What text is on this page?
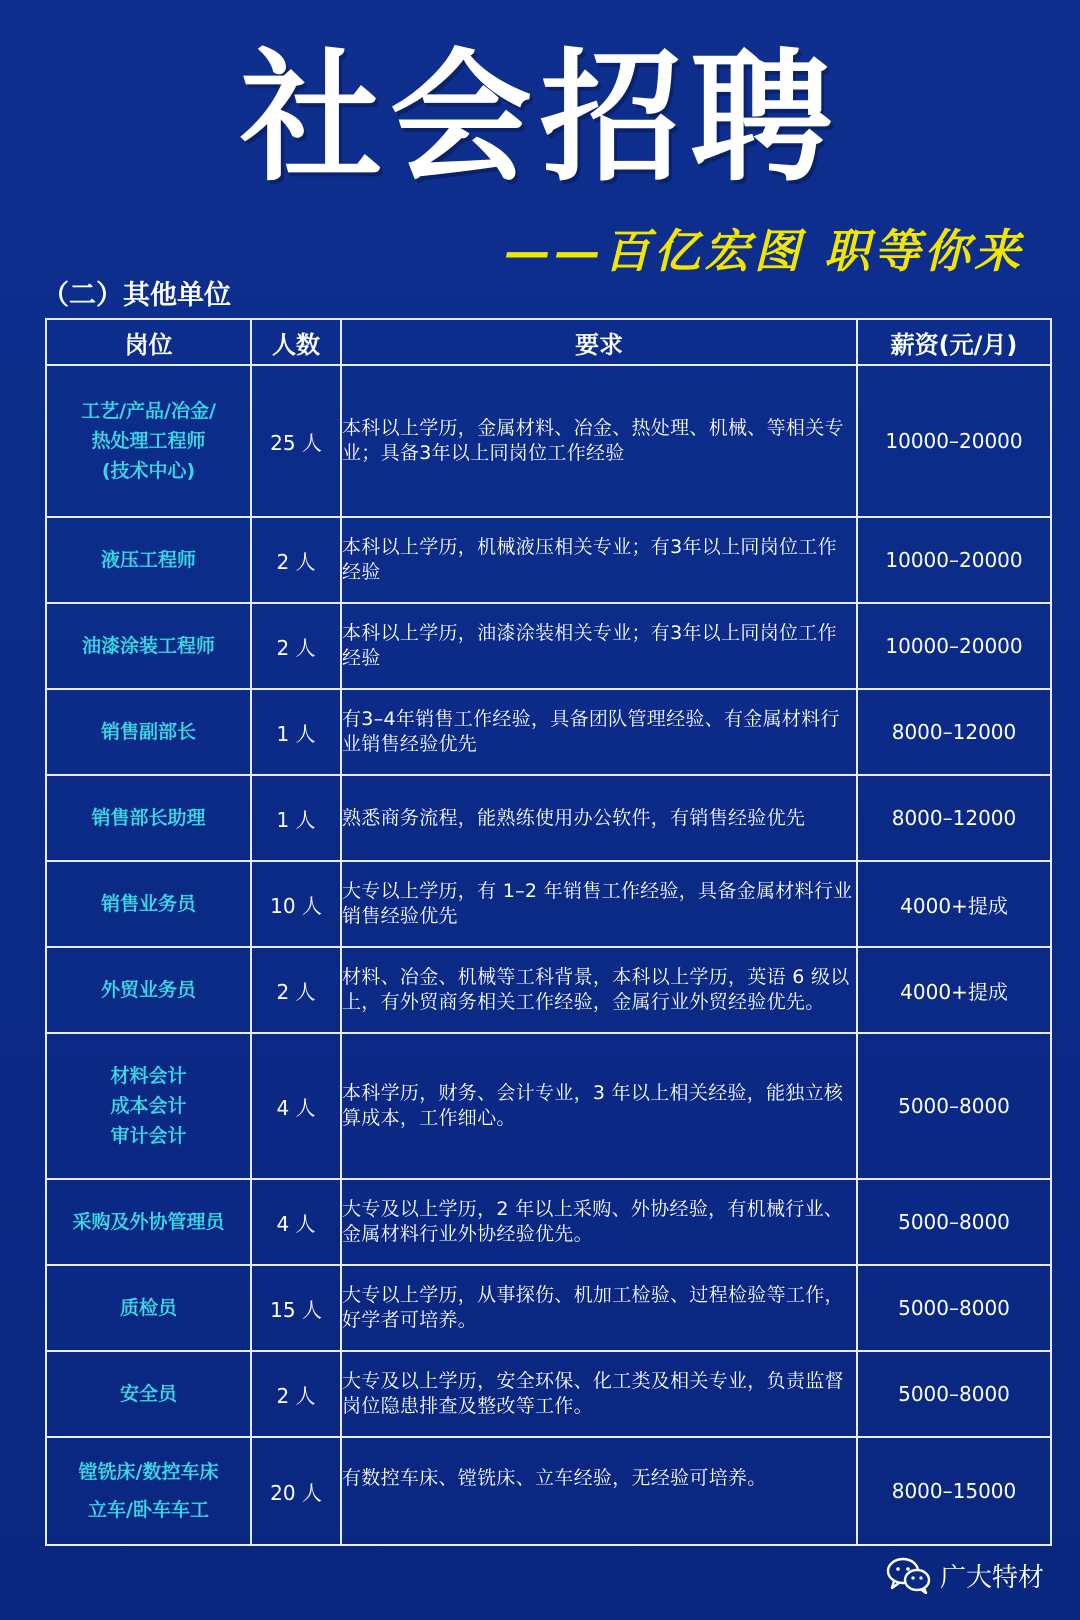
社会招聘
——百亿宏图 职等你来
（二）其他单位
岗位	人数	要求	薪资(元/月)

工艺/产品/冶金/
热处理工程师
(技术中心)	25 人	本科以上学历，金属材料、冶金、热处理、机械、等相关专业；具备3年以上同岗位工作经验	10000–20000

液压工程师	2 人	本科以上学历，机械液压相关专业；有3年以上同岗位工作经验	10000–20000

油漆涂装工程师	2 人	本科以上学历，油漆涂装相关专业；有3年以上同岗位工作经验	10000–20000

销售副部长	1 人	有3–4年销售工作经验，具备团队管理经验、有金属材料行业销售经验优先	8000–12000

销售部长助理	1 人	熟悉商务流程，能熟练使用办公软件，有销售经验优先	8000–12000

销售业务员	10 人	大专以上学历，有 1–2 年销售工作经验，具备金属材料行业销售经验优先	4000+提成

外贸业务员	2 人	材料、冶金、机械等工科背景，本科以上学历，英语 6 级以上，有外贸商务相关工作经验，金属行业外贸经验优先。	4000+提成

材料会计
成本会计
审计会计	4 人	本科学历，财务、会计专业，3 年以上相关经验，能独立核算成本，工作细心。	5000–8000

采购及外协管理员	4 人	大专及以上学历，2 年以上采购、外协经验，有机械行业、金属材料行业外协经验优先。	5000–8000

质检员	15 人	大专以上学历，从事探伤、机加工检验、过程检验等工作，好学者可培养。	5000–8000

安全员	2 人	大专及以上学历，安全环保、化工类及相关专业，负责监督岗位隐患排查及整改等工作。	5000–8000

镗铣床/数控车床
立车/卧车车工	20 人	有数控车床、镗铣床、立车经验，无经验可培养。	8000–15000
广大特材
